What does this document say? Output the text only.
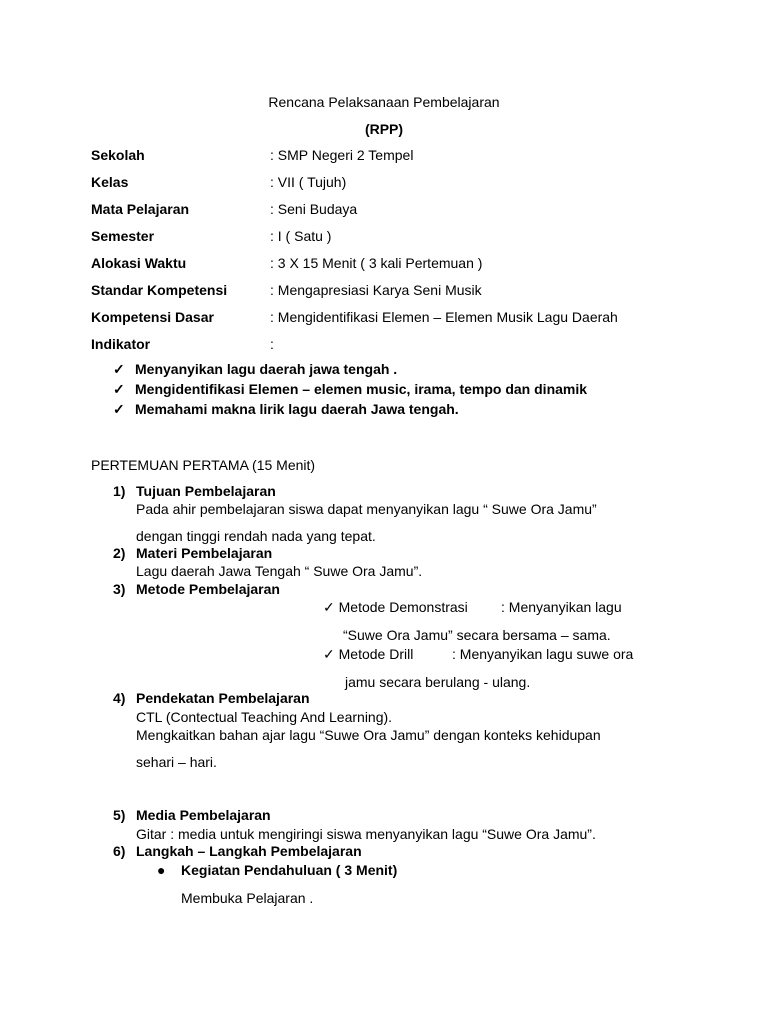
Rencana Pelaksanaan Pembelajaran
(RPP)
Sekolah	: SMP Negeri 2 Tempel
Kelas	: VII ( Tujuh)
Mata Pelajaran	: Seni Budaya
Semester	: I ( Satu )
Alokasi Waktu	: 3 X 15 Menit ( 3 kali Pertemuan )
Standar Kompetensi	: Mengapresiasi Karya Seni Musik
Kompetensi Dasar	: Mengidentifikasi Elemen – Elemen Musik Lagu Daerah
Indikator	:
✓ Menyanyikan lagu daerah jawa tengah .
✓ Mengidentifikasi Elemen – elemen music, irama, tempo dan dinamik
✓ Memahami makna lirik lagu daerah Jawa tengah.
PERTEMUAN PERTAMA (15 Menit)
1) Tujuan Pembelajaran
Pada ahir pembelajaran siswa dapat menyanyikan lagu “ Suwe Ora Jamu”
dengan tinggi rendah nada yang tepat.
2) Materi Pembelajaran
Lagu daerah Jawa Tengah “ Suwe Ora Jamu”.
3) Metode Pembelajaran
✓ Metode Demonstrasi : Menyanyikan lagu
“Suwe Ora Jamu” secara bersama – sama.
✓ Metode Drill	: Menyanyikan lagu suwe ora
jamu secara berulang - ulang.
4) Pendekatan Pembelajaran
CTL (Contectual Teaching And Learning).
Mengkaitkan bahan ajar lagu “Suwe Ora Jamu” dengan konteks kehidupan
sehari – hari.
5) Media Pembelajaran
Gitar : media untuk mengiringi siswa menyanyikan lagu “Suwe Ora Jamu”.
6) Langkah – Langkah Pembelajaran
● Kegiatan Pendahuluan ( 3 Menit)
Membuka Pelajaran .
